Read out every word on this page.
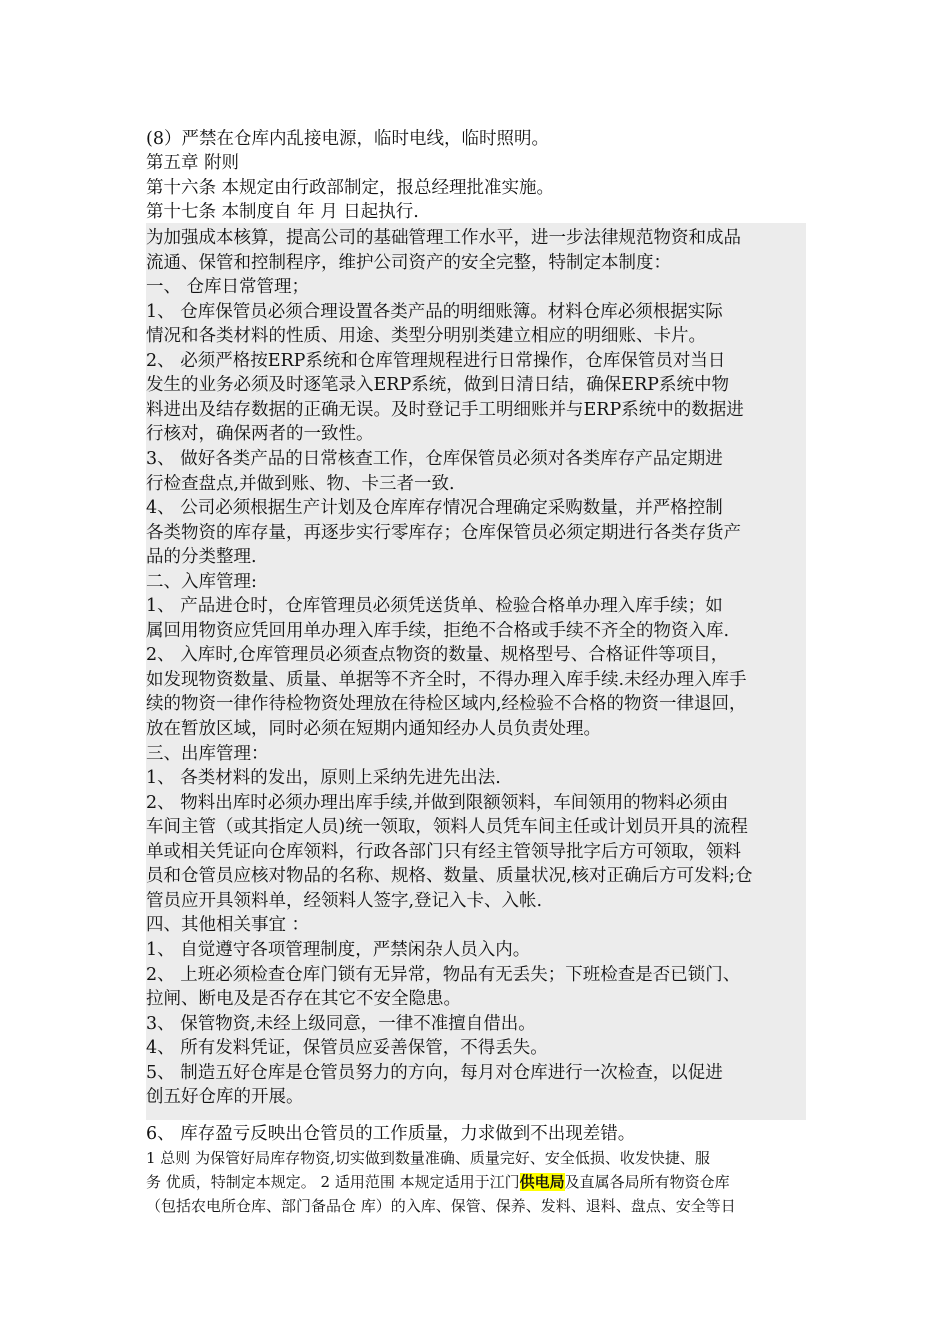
(8）严禁在仓库内乱接电源，临时电线，临时照明。
第五章 附则
第十六条 本规定由行政部制定，报总经理批准实施。
第十七条 本制度自 年 月 日起执行.
为加强成本核算，提高公司的基础管理工作水平，进一步法律规范物资和成品
流通、保管和控制程序，维护公司资产的安全完整，特制定本制度：
一、 仓库日常管理；
1、 仓库保管员必须合理设置各类产品的明细账簿。材料仓库必须根据实际
情况和各类材料的性质、用途、类型分明别类建立相应的明细账、卡片。
2、 必须严格按ERP系统和仓库管理规程进行日常操作，仓库保管员对当日
发生的业务必须及时逐笔录入ERP系统，做到日清日结，确保ERP系统中物
料进出及结存数据的正确无误。及时登记手工明细账并与ERP系统中的数据进
行核对，确保两者的一致性。
3、 做好各类产品的日常核查工作，仓库保管员必须对各类库存产品定期进
行检查盘点,并做到账、物、卡三者一致.
4、 公司必须根据生产计划及仓库库存情况合理确定采购数量，并严格控制
各类物资的库存量，再逐步实行零库存；仓库保管员必须定期进行各类存货产
品的分类整理.
二、入库管理:
1、 产品进仓时，仓库管理员必须凭送货单、检验合格单办理入库手续；如
属回用物资应凭回用单办理入库手续，拒绝不合格或手续不齐全的物资入库.
2、 入库时,仓库管理员必须查点物资的数量、规格型号、合格证件等项目，
如发现物资数量、质量、单据等不齐全时，不得办理入库手续.未经办理入库手
续的物资一律作待检物资处理放在待检区域内,经检验不合格的物资一律退回，
放在暂放区域，同时必须在短期内通知经办人员负责处理。
三、出库管理：
1、 各类材料的发出，原则上采纳先进先出法.
2、 物料出库时必须办理出库手续,并做到限额领料，车间领用的物料必须由
车间主管（或其指定人员)统一领取，领料人员凭车间主任或计划员开具的流程
单或相关凭证向仓库领料，行政各部门只有经主管领导批字后方可领取，领料
员和仓管员应核对物品的名称、规格、数量、质量状况,核对正确后方可发料;仓
管员应开具领料单，经领料人签字,登记入卡、入帐.
四、其他相关事宜 ：
1、 自觉遵守各项管理制度，严禁闲杂人员入内。
2、 上班必须检查仓库门锁有无异常，物品有无丢失；下班检查是否已锁门、
拉闸、断电及是否存在其它不安全隐患。
3、 保管物资,未经上级同意，一律不准擅自借出。
4、 所有发料凭证，保管员应妥善保管，不得丢失。
5、 制造五好仓库是仓管员努力的方向，每月对仓库进行一次检查，以促进
创五好仓库的开展。
6、 库存盈亏反映出仓管员的工作质量，力求做到不出现差错。
1 总则 为保管好局库存物资,切实做到数量准确、质量完好、安全低损、收发快捷、服
务 优质，特制定本规定。 2 适用范围 本规定适用于江门供电局及直属各局所有物资仓库
（包括农电所仓库、部门备品仓 库）的入库、保管、保养、发料、退料、盘点、安全等日
